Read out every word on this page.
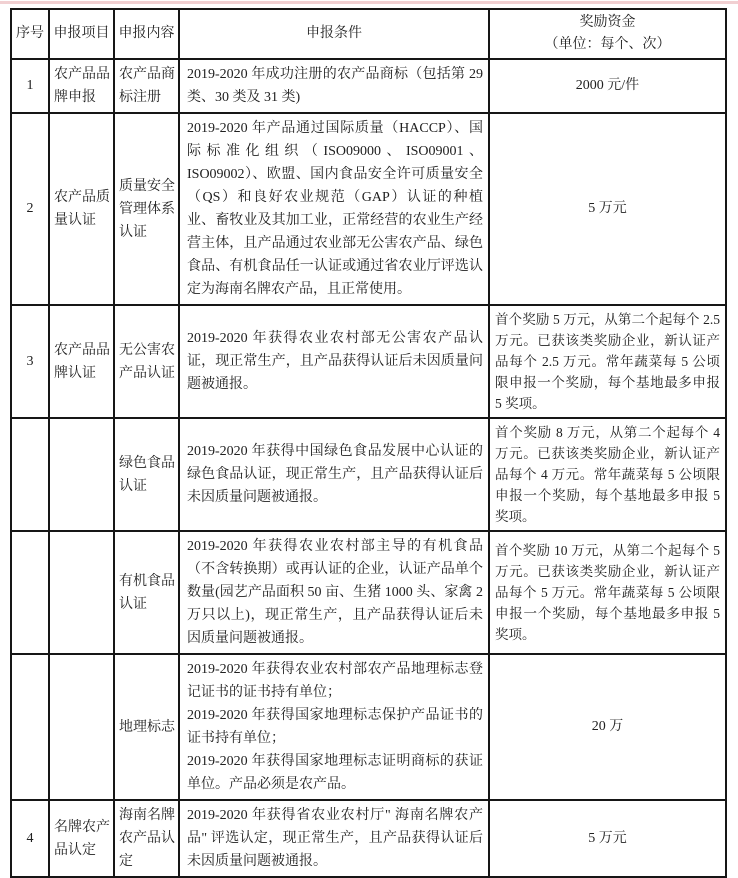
序号	申报项目	申报内容	申报条件	奖励资金
（单位：每个、次）

1	农产品品牌申报	农产品商标注册	2019-2020 年成功注册的农产品商标（包括第 29 类、30 类及 31 类)	2000 元/件
2	农产品质量认证	质量安全管理体系认证	2019-2020 年产品通过国际质量（HACCP）、国际标准化组织（ISO09000、ISO09001、ISO09002）、欧盟、国内食品安全许可质量安全（QS）和良好农业规范（GAP）认证的种植业、畜牧业及其加工业，正常经营的农业生产经营主体，且产品通过农业部无公害农产品、绿色食品、有机食品任一认证或通过省农业厅评选认定为海南名牌农产品，且正常使用。	5 万元
3	农产品品牌认证	无公害农产品认证	2019-2020 年获得农业农村部无公害农产品认证，现正常生产，且产品获得认证后未因质量问题被通报。	首个奖励 5 万元，从第二个起每个 2.5 万元。已获该类奖励企业，新认证产品每个 2.5 万元。常年蔬菜每 5 公顷限申报一个奖励，每个基地最多申报 5 奖项。
		绿色食品认证	2019-2020 年获得中国绿色食品发展中心认证的绿色食品认证，现正常生产，且产品获得认证后未因质量问题被通报。	首个奖励 8 万元，从第二个起每个 4 万元。已获该类奖励企业，新认证产品每个 4 万元。常年蔬菜每 5 公顷限申报一个奖励，每个基地最多申报 5 奖项。
		有机食品认证	2019-2020 年获得农业农村部主导的有机食品（不含转换期）或再认证的企业，认证产品单个数量(园艺产品面积 50 亩、生猪 1000 头、家禽 2 万只以上)，现正常生产，且产品获得认证后未因质量问题被通报。	首个奖励 10 万元，从第二个起每个 5 万元。已获该类奖励企业，新认证产品每个 5 万元。常年蔬菜每 5 公顷限申报一个奖励，每个基地最多申报 5 奖项。
		地理标志	2019-2020 年获得农业农村部农产品地理标志登记证书的证书持有单位；
2019-2020 年获得国家地理标志保护产品证书的证书持有单位；
2019-2020 年获得国家地理标志证明商标的获证单位。产品必须是农产品。	20 万
4	名牌农产品认定	海南名牌农产品认定	2019-2020 年获得省农业农村厅" 海南名牌农产品" 评选认定，现正常生产，且产品获得认证后未因质量问题被通报。	5 万元
